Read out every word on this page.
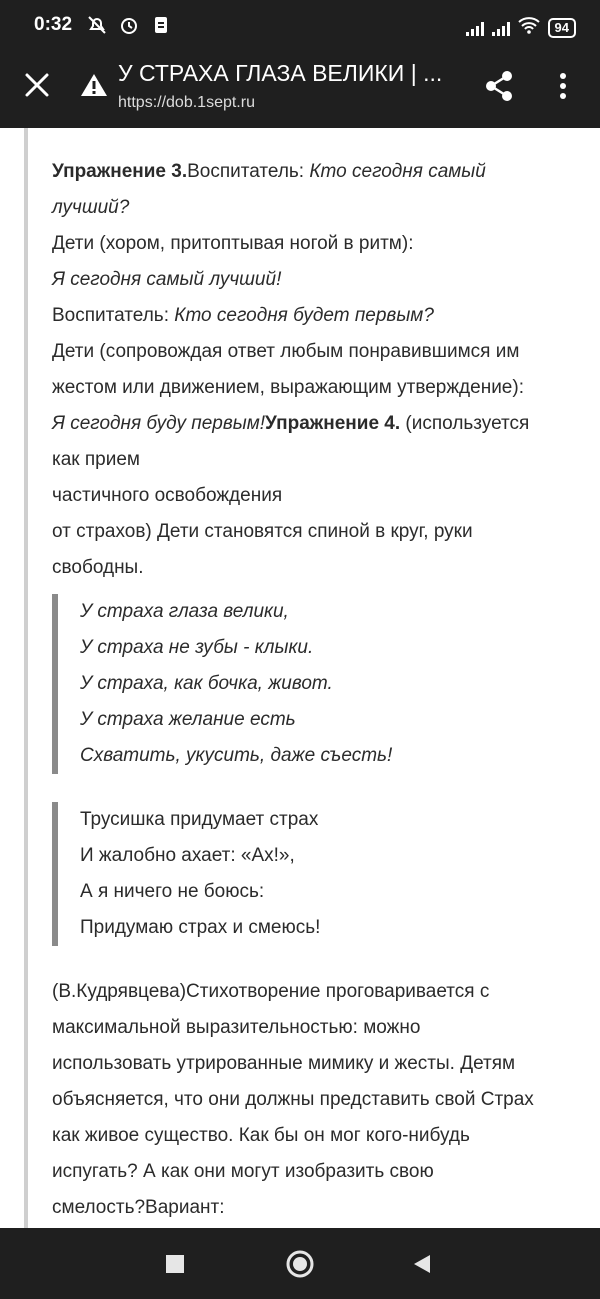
0:32	94
У СТРАХА ГЛАЗА ВЕЛИКИ | ...
https://dob.1sept.ru

Упражнение 3.Воспитатель: Кто сегодня самый

лучший?

Дети (хором, притоптывая ногой в ритм):

Я сегодня самый лучший!

Воспитатель: Кто сегодня будет первым?

Дети (сопровождая ответ любым понравившимся им

жестом или движением, выражающим утверждение):

Я сегодня буду первым!Упражнение 4. (используется

как прием

частичного освобождения

от страхов) Дети становятся спиной в круг, руки

свободны.

У страха глаза велики,

У страха не зубы - клыки.

У страха, как бочка, живот.

У страха желание есть

Схватить, укусить, даже съесть!

Трусишка придумает страх

И жалобно ахает: «Ах!»,

А я ничего не боюсь:

Придумаю страх и смеюсь!

(В.Кудрявцева)Стихотворение проговаривается с

максимальной выразительностью: можно

использовать утрированные мимику и жесты. Детям

объясняется, что они должны представить свой Страх

как живое существо. Как бы он мог кого-нибудь

испугать? А как они могут изобразить свою

смелость?Вариант:
